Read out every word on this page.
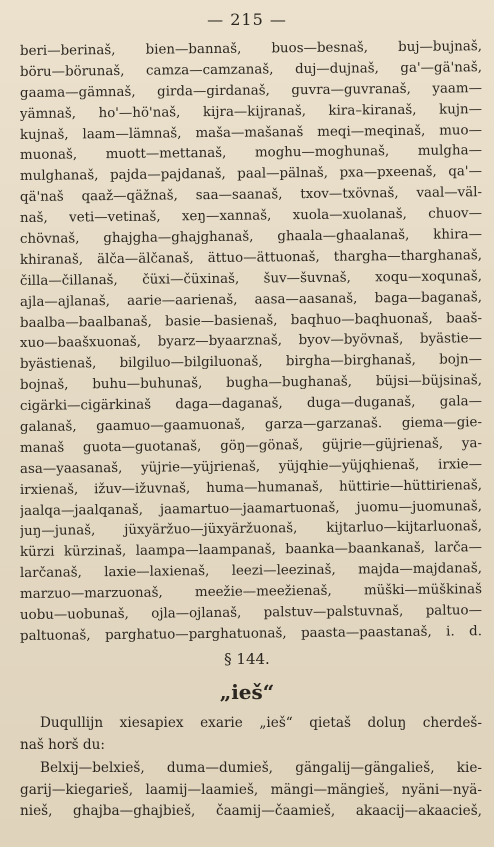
— 215 —
beri—berinaš, bien—bannaš, buos—besnaš, buj—bujnaš,
böru—börunaš, camza—camzanaš, duj—dujnaš, ga'—gä'naš,
gaama—gämnaš, girda—girdanaš, guvra—guvranaš, yaam—
yämnaš, ho'—hö'naš, kijra—kijranaš, kira–kiranaš, kujn—
kujnaš, laam—lämnaš, maša—mašanaš meqi—meqinaš, muo—
muonaš, muott—mettanaš, moghu—moghunaš, mulgha—
mulghanaš, pajda—pajdanaš, paal—pälnaš, pxa—pxeenaš, qa'—
qä'naš qaaž—qäžnaš, saa—saanaš, txov—txövnaš, vaal—väl-
naš, veti—vetinaš, xeŋ—xannaš, xuola—xuolanaš, chuov—
chövnaš, ghajgha—ghajghanaš, ghaala—ghaalanaš, khira—
khiranaš, älča—älčanaš, ättuo—ättuonaš, thargha—tharghanaš,
čilla—čillanaš, čüxi—čüxinaš, šuv—šuvnaš, xoqu—xoqunaš,
ajla—ajlanaš, aarie—aarienaš, aasa—aasanaš, baga—baganaš,
baalba—baalbanaš, basie—basienaš, baqhuo—baqhuonaš, baaš-
xuo—baašxuonaš, byarz—byaarznaš, byov—byövnaš, byästie—
byästienaš, bilgiluo—bilgiluonaš, birgha—birghanaš, bojn—
bojnaš, buhu—buhunaš, bugha—bughanaš, büjsi—büjsinaš,
cigärki—cigärkinaš daga—daganaš, duga—duganaš, gala—
galanaš, gaamuo—gaamuonaš, garza—garzanaš. giema—gie-
manaš guota—guotanaš, göŋ—gönaš, güjrie—güjrienaš, ya-
asa—yaasanaš, yüjrie—yüjrienaš, yüjqhie—yüjqhienaš, irxie—
irxienaš, ižuv—ižuvnaš, huma—humanaš, hüttirie—hüttirienaš,
jaalqa—jaalqanaš, jaamartuo—jaamartuonaš, juomu—juomunaš,
juŋ—junaš, jüxyäržuo—jüxyäržuonaš, kijtarluo—kijtarluonaš,
kürzi kürzinaš, laampa—laampanaš, baanka—baankanaš, larča—
larčanaš, laxie—laxienaš, leezi—leezinaš, majda—majdanaš,
marzuo—marzuonaš, meežie—meežienaš, müški—müškinaš
uobu—uobunaš, ojla—ojlanaš, palstuv—palstuvnaš, paltuo—
paltuonaš, parghatuo—parghatuonaš, paasta—paastanaš, i. d.
§ 144.
„ieš“
Duqullijn xiesapiex exarie „ieš“ qietaš doluŋ cherdeš-
naš horš du:
Belxij—belxieš, duma—dumieš, gängalij—gängalieš, kie-
garij—kiegarieš, laamij—laamieš, mängi—mängieš, nyäni—nyä-
nieš, ghajba—ghajbieš, čaamij—čaamieš, akaacij—akaacieš,
